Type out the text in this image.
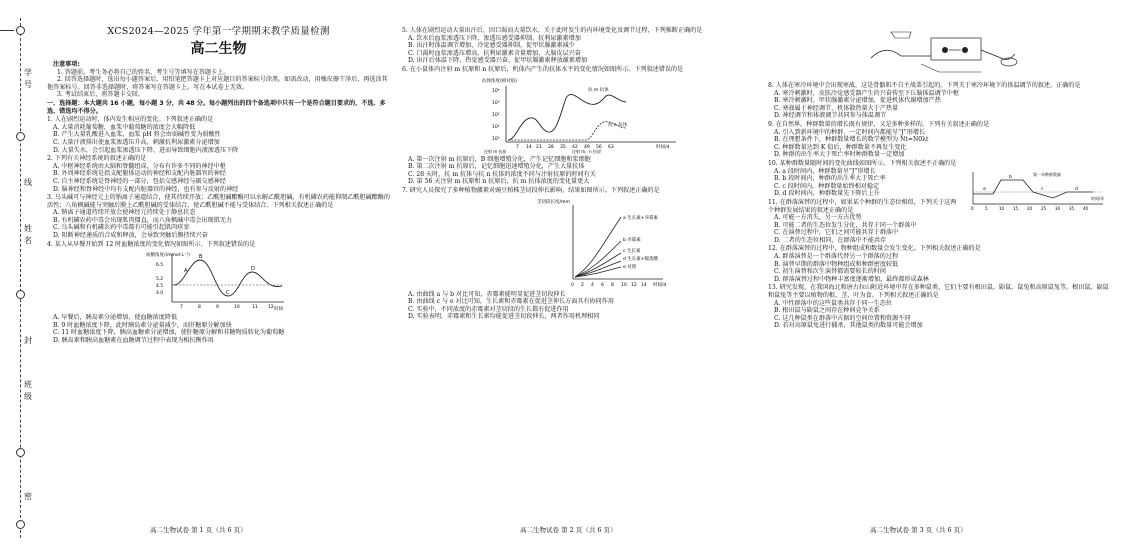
学
号
线
姓
名
封
班
级
密
XCS2024—2025 学年第一学期期末教学质量检测
高二生物
注意事项:

1. 答题前，考生务必将自己的姓名、考生号等填写在答题卡上。

2. 回答选择题时，选出每小题答案后，用铅笔把答题卡上对应题目的答案标号涂黑。如需改动，用橡皮擦干净后，再选涂其他答案标号。回答非选择题时，将答案写在答题卡上。写在本试卷上无效。

3. 考试结束后，将答题卡交回。

一、选择题：本大题共 16 小题，每小题 3 分，共 48 分。每小题列出的四个备选项中只有一个是符合题目要求的，不选、多选、错选均不得分。
1. 人在剧烈运动时，体内发生相应的变化。下列叙述正确的是
A. 大量消耗葡萄糖，血浆中葡萄糖的浓度会大幅降低
B. 产生大量乳酸进入血浆，血浆 pH 将会由弱碱性变为弱酸性
C. 大量汗液排出使血浆渗透压升高，刺激抗利尿激素分泌增加
D. 大量失水，会引起血浆渗透压下降，进而导致细胞内液渗透压下降
2. 下列有关神经系统的叙述正确的是
A. 中枢神经系统由大脑和脊髓组成，分布有许多不同的神经中枢
B. 外周神经系统是指支配躯体运动的神经和支配内脏器官的神经
C. 自主神经系统是脊神经的一部分，包括交感神经与副交感神经
D. 脑神经和脊神经中均有支配内脏器官的神经，也有参与反射的神经
3. 乌头碱可与神经元上的钠离子通道结合，使其持续开放；乙酰胆碱酯酶可以水解乙酰胆碱，有机磷农药能抑制乙酰胆碱酯酶的活性；八角枫碱能与突触后膜上乙酰胆碱的受体结合，使乙酰胆碱不能与受体结合。下列相关叙述正确的是
A. 钠离子通道持续开放会使神经元持续处于静息状态
B. 有机磷农药中毒会出现肌肉僵直，而八角枫碱中毒会出现肌无力
C. 乌头碱和有机磷农药中毒都有可能引起肌肉痉挛
D. 阻断神经递质的合成和释放，会导致突触后膜持续兴奋
4. 某人从早餐开始到 12 时血糖浓度的变化情况如图所示。下列叙述错误的是
血糖浓度/(mmol·L⁻¹)
时间
6.5
5.2
4.5
4.0
A
B
C
D
7	8	9	10	11 12
A. 早餐后，胰岛素分泌增加，使血糖浓度降低
B. 9 时血糖浓度下降，此时胰岛素分泌量减少，而肝糖原分解加快
C. 11 时血糖浓度下降，胰高血糖素分泌增加，使肝糖原分解和非糖物质转化为葡萄糖
D. 胰岛素和胰高血糖素在血糖调节过程中表现为相抗衡作用
高二生物试卷 第 1 页（共 6 页）
5. 人体在剧烈运动大量出汗后，因口渴而大量饮水，关于此时发生的内环境变化及调节过程，下列推断正确的是
A. 饮水后血浆渗透压下降、渗透压感受器抑制、抗利尿激素增加
B. 出汗时体温调节增加，冷觉感受器抑制，促甲状腺激素减少
C. 口渴时血浆渗透压增高、抗利尿激素含量增加、大脑皮层兴奋
D. 出汗后体温下降，热觉感受器兴奋、促甲状腺激素释放激素增加
6. 在小鼠体内注射 m 抗原和 n 抗原后，机体内产生的抗体水平的变化情况如图所示。下列叙述错误的是
抗体浓度(相对值)
10⁴
10³
10²
10¹
10⁰
抗 m 抗体
抗 n 抗体
注射 m 抗原	注射 m、n 抗原
7 14 21 28 35 42 49 56 63	时间/d
A. 第一次注射 m 抗原后，B 细胞增殖分化，产生记忆细胞和浆细胞
B. 第二次注射 m 抗原后，记忆细胞迅速增殖分化，产生大量抗体
C. 28 天时，抗 m 抗体与抗 n 抗体的浓度不同与注射抗原的时间有关
D. 第 56 天注射 m 抗原和 n 抗原后，抗 m 抗体浓度的变化量更大
7. 研究人员探究了多种植物激素对豌豆植株茎切段伸长影响，结果如图所示。下列叙述正确的是
茎切段长度/mm
a 生长素+赤霉素
b 赤霉素
c 生长素
d 生长素+脱落酸
e 对照
0 2 4 6 8 10 12 14 时间/d
A. 由曲线 a 与 b 对比可知，赤霉素能明显促进茎切段伸长
B. 由曲线 c 与 e 对比可知，生长素和赤霉素在促进茎伸长方面具有协同作用
C. 实验中，不同浓度的赤霉素对茎切段的生长都有促进作用
D. 实验表明，赤霉素和生长素均能促进茎切段伸长，两者作用机理相同
高二生物试卷 第 2 页（共 6 页）
8. 人体在寒冷环境中会出现寒战，这是骨骼肌不自主战栗引起的。下列关于寒冷环境下的体温调节的叙述，正确的是
A. 寒冷刺激时，皮肤冷觉感受器产生的兴奋传至下丘脑体温调节中枢
B. 寒冷刺激时，甲状腺激素分泌增加，促进机体代谢增加产热
C. 寒战属于神经调节，机体散热量大于产热量
D. 神经调节和体液调节共同参与体温调节
9. 在自然界，种群数量的增长既有规律，又是多种多样的。下列有关叙述正确的是
A. 引入到新环境中的种群，一定时间内都能呈“J”形增长
B. 在理想条件下，种群数量增长的数学模型为 Nt=N0λt
C. 种群数量达到 K 值后，种群数量不再发生变化
D. 种群的出生率大于死亡率时种群数量一定增加
10. 某种群数量随时间的变化曲线如图所示。下列相关叙述不正确的是
第一年种群数量
a
b
c	d
0	5	10 15 20 25 30 35 40
时间/年
A. a 段时间内，种群数量呈“J”形增长
B. b 段时间内，种群的出生率大于死亡率
C. c 段时间内，种群数量始终相对稳定
D. d 段时间内，种群数量先下降后上升
11. 在群落演替的过程中，如果某个种群的生态位相似，下列关于这两个种群发展结果的叙述正确的是
A. 可能一方消失，另一方占优势
B. 可能二者的生态位发生分化，共存于同一个群落中
C. 在演替过程中，它们之间可能共存于群落中
D. 二者的生态位相同，在群落中不能共存
12. 在群落演替的过程中，物种组成和数量会发生变化。下列相关叙述正确的是
A. 群落演替是一个群落代替另一个群落的过程
B. 演替早期的群落中物种组成和种群密度较低
C. 初生演替和次生演替都需要较长的时间
D. 群落演替过程中物种丰富度逐渐增加，最终都形成森林
13. 研究发现，在我国海北和唐古拉山附近环境中存在多种鼠类，它们主要有根田鼠、鼢鼠、鼠兔和高原鼠兔等。根田鼠、鼢鼠和鼠兔等主要以植物的根、茎、叶为食。下列相关叙述正确的是
A. 中性群落中的这些鼠类共存于同一生态位
B. 根田鼠与鼢鼠之间存在种间竞争关系
C. 这几种鼠类在群落中占据的空间位置和资源不同
D. 若对高原鼠兔进行捕杀，其他鼠类的数量可能会增加
高二生物试卷 第 3 页（共 6 页）
